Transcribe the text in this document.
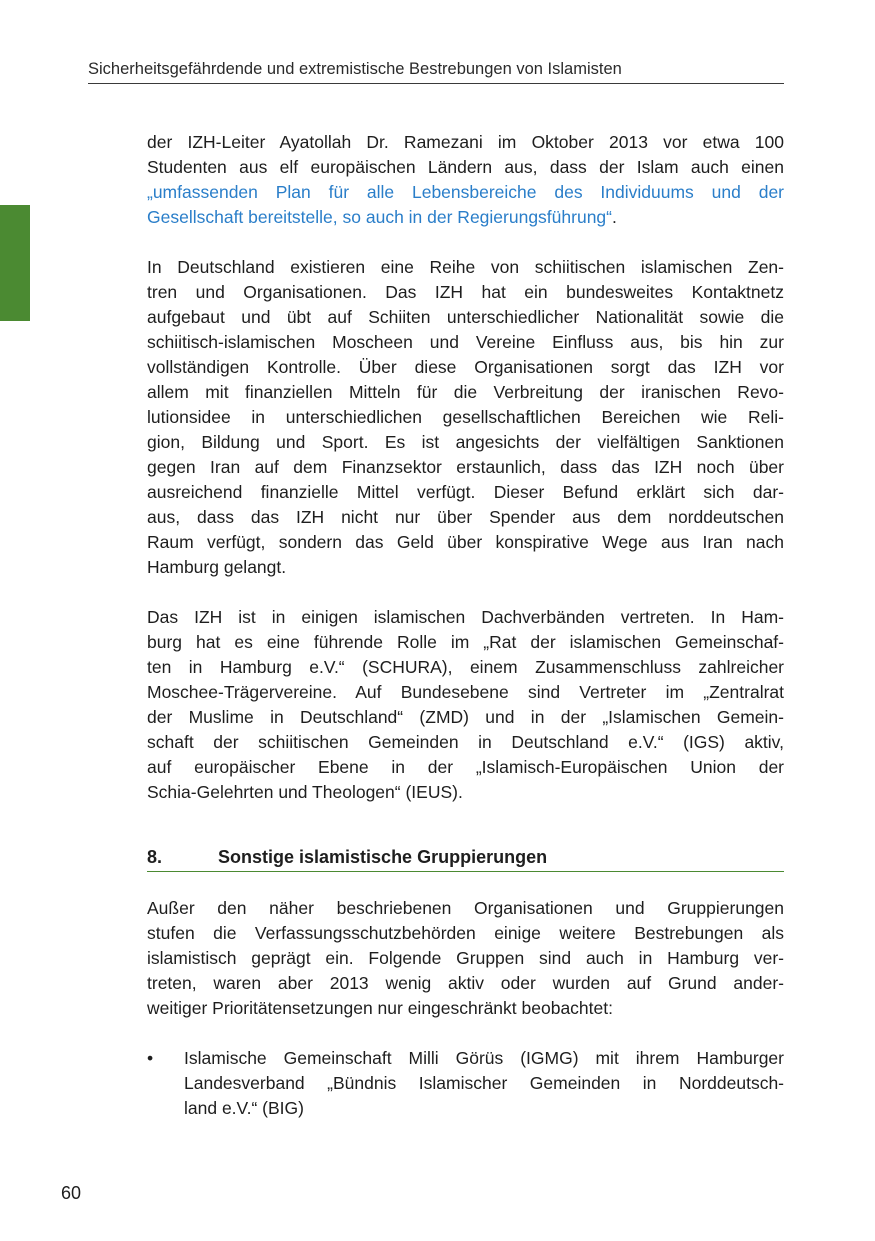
Sicherheitsgefährdende und extremistische Bestrebungen von Islamisten
der IZH-Leiter Ayatollah Dr. Ramezani im Oktober 2013 vor etwa 100
Studenten aus elf europäischen Ländern aus, dass der Islam auch einen
„umfassenden Plan für alle Lebensbereiche des Individuums und der
Gesellschaft bereitstelle, so auch in der Regierungsführung“.
In Deutschland existieren eine Reihe von schiitischen islamischen Zen-
tren und Organisationen. Das IZH hat ein bundesweites Kontaktnetz
aufgebaut und übt auf Schiiten unterschiedlicher Nationalität sowie die
schiitisch-islamischen Moscheen und Vereine Einfluss aus, bis hin zur
vollständigen Kontrolle. Über diese Organisationen sorgt das IZH vor
allem mit finanziellen Mitteln für die Verbreitung der iranischen Revo-
lutionsidee in unterschiedlichen gesellschaftlichen Bereichen wie Reli-
gion, Bildung und Sport. Es ist angesichts der vielfältigen Sanktionen
gegen Iran auf dem Finanzsektor erstaunlich, dass das IZH noch über
ausreichend finanzielle Mittel verfügt. Dieser Befund erklärt sich dar-
aus, dass das IZH nicht nur über Spender aus dem norddeutschen
Raum verfügt, sondern das Geld über konspirative Wege aus Iran nach
Hamburg gelangt.
Das IZH ist in einigen islamischen Dachverbänden vertreten. In Ham-
burg hat es eine führende Rolle im „Rat der islamischen Gemeinschaf-
ten in Hamburg e.V.“ (SCHURA), einem Zusammenschluss zahlreicher
Moschee-Trägervereine. Auf Bundesebene sind Vertreter im „Zentralrat
der Muslime in Deutschland“ (ZMD) und in der „Islamischen Gemein-
schaft der schiitischen Gemeinden in Deutschland e.V.“ (IGS) aktiv,
auf europäischer Ebene in der „Islamisch-Europäischen Union der
Schia-Gelehrten und Theologen“ (IEUS).
8.	Sonstige islamistische Gruppierungen
Außer den näher beschriebenen Organisationen und Gruppierungen
stufen die Verfassungsschutzbehörden einige weitere Bestrebungen als
islamistisch geprägt ein. Folgende Gruppen sind auch in Hamburg ver-
treten, waren aber 2013 wenig aktiv oder wurden auf Grund ander-
weitiger Prioritätensetzungen nur eingeschränkt beobachtet:
• Islamische Gemeinschaft Milli Görüs (IGMG) mit ihrem Hamburger
Landesverband „Bündnis Islamischer Gemeinden in Norddeutsch-
land e.V.“ (BIG)
60
